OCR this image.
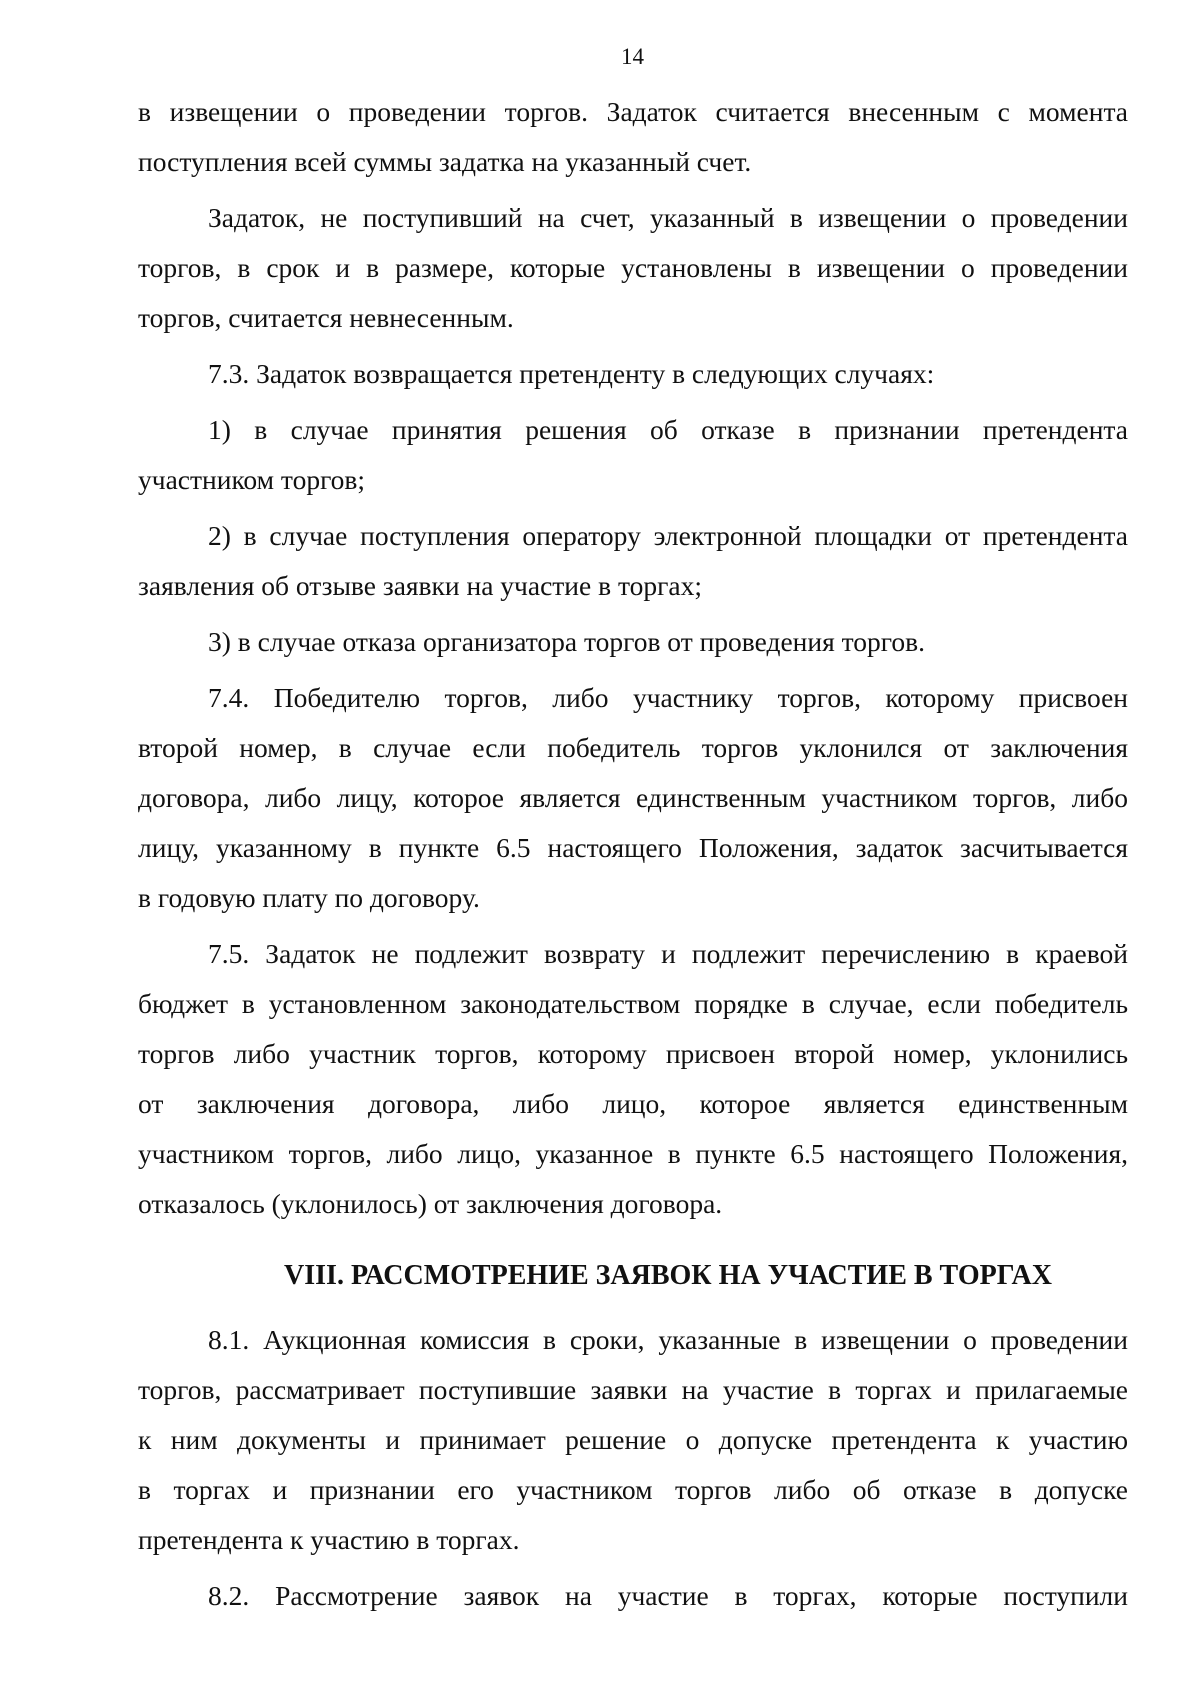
14
в извещении о проведении торгов. Задаток считается внесенным с момента
поступления всей суммы задатка на указанный счет.
Задаток, не поступивший на счет, указанный в извещении о проведении
торгов, в срок и в размере, которые установлены в извещении о проведении
торгов, считается невнесенным.
7.3. Задаток возвращается претенденту в следующих случаях:
1) в случае принятия решения об отказе в признании претендента
участником торгов;
2) в случае поступления оператору электронной площадки от претендента
заявления об отзыве заявки на участие в торгах;
3) в случае отказа организатора торгов от проведения торгов.
7.4. Победителю торгов, либо участнику торгов, которому присвоен
второй номер, в случае если победитель торгов уклонился от заключения
договора, либо лицу, которое является единственным участником торгов, либо
лицу, указанному в пункте 6.5 настоящего Положения, задаток засчитывается
в годовую плату по договору.
7.5. Задаток не подлежит возврату и подлежит перечислению в краевой
бюджет в установленном законодательством порядке в случае, если победитель
торгов либо участник торгов, которому присвоен второй номер, уклонились
от заключения договора, либо лицо, которое является единственным
участником торгов, либо лицо, указанное в пункте 6.5 настоящего Положения,
отказалось (уклонилось) от заключения договора.
VIII. РАССМОТРЕНИЕ ЗАЯВОК НА УЧАСТИЕ В ТОРГАХ
8.1. Аукционная комиссия в сроки, указанные в извещении о проведении
торгов, рассматривает поступившие заявки на участие в торгах и прилагаемые
к ним документы и принимает решение о допуске претендента к участию
в торгах и признании его участником торгов либо об отказе в допуске
претендента к участию в торгах.
8.2. Рассмотрение заявок на участие в торгах, которые поступили
